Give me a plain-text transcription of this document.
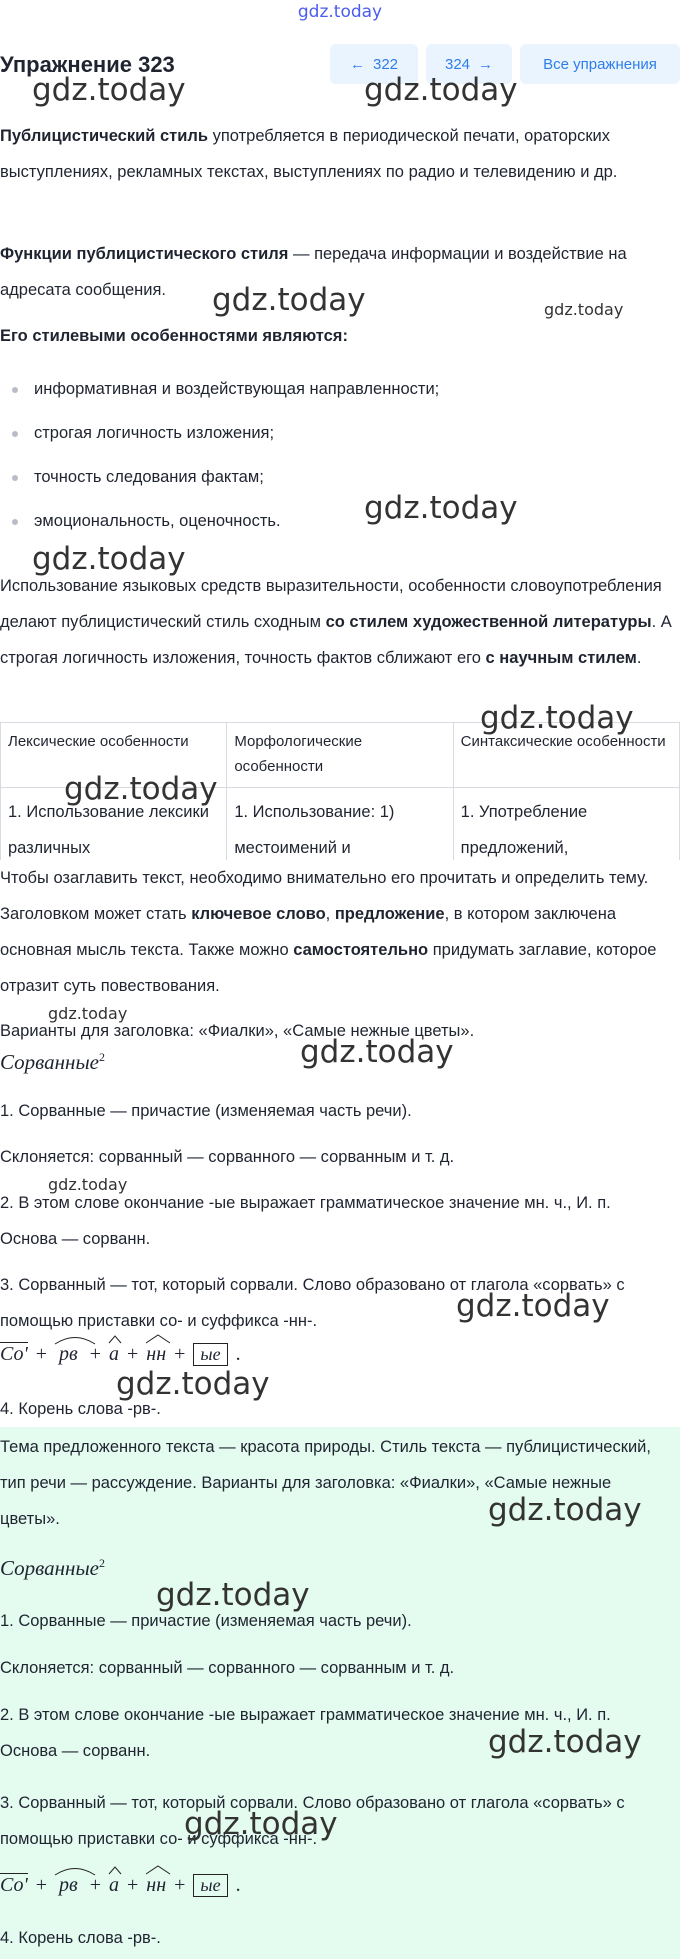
gdz.today
Упражнение 323	← 322	324 →	Все упражнения

Публицистический стиль употребляется в периодической печати, ораторских выступлениях, рекламных текстах, выступлениях по радио и телевидению и др.

Функции публицистического стиля — передача информации и воздействие на адресата сообщения.

Его стилевыми особенностями являются:

информативная и воздействующая направленности;
строгая логичность изложения;
точность следования фактам;
эмоциональность, оценочность.

Использование языковых средств выразительности, особенности словоупотребления делают публицистический стиль сходным со стилем художественной литературы. А строгая логичность изложения, точность фактов сближают его с научным стилем.

Лексические особенности	Морфологические особенности	Синтаксические особенности
1. Использование лексики различных	1. Использование: 1) местоимений и	1. Употребление предложений,

Чтобы озаглавить текст, необходимо внимательно его прочитать и определить тему. Заголовком может стать ключевое слово, предложение, в котором заключена основная мысль текста. Также можно самостоятельно придумать заглавие, которое отразит суть повествования.

Варианты для заголовка: «Фиалки», «Самые нежные цветы».

Сорванные$^2$

1. Сорванные — причастие (изменяемая часть речи).

Склоняется: сорванный — сорванного — сорванным и т. д.

2. В этом слове окончание -ые выражает грамматическое значение мн. ч., И. п. Основа — сорванн.

3. Сорванный — тот, который сорвали. Слово образовано от глагола «сорвать» с помощью приставки со- и суффикса -нн-.

Со' + рв + а + нн + ые .

4. Корень слова -рв-.

Тема предложенного текста — красота природы. Стиль текста — публицистический, тип речи — рассуждение. Варианты для заголовка: «Фиалки», «Самые нежные цветы».

Сорванные$^2$

1. Сорванные — причастие (изменяемая часть речи).

Склоняется: сорванный — сорванного — сорванным и т. д.

2. В этом слове окончание -ые выражает грамматическое значение мн. ч., И. п. Основа — сорванн.

3. Сорванный — тот, который сорвали. Слово образовано от глагола «сорвать» с помощью приставки со- и суффикса -нн-.

Со' + рв + а + нн + ые .

4. Корень слова -рв-.

gdz.today	gdz.today
gdz.today	gdz.today
gdz.today
gdz.today
gdz.today
gdz.today
gdz.today
gdz.today
gdz.today
gdz.today
gdz.today
gdz.today
gdz.today
gdz.today
gdz.today
